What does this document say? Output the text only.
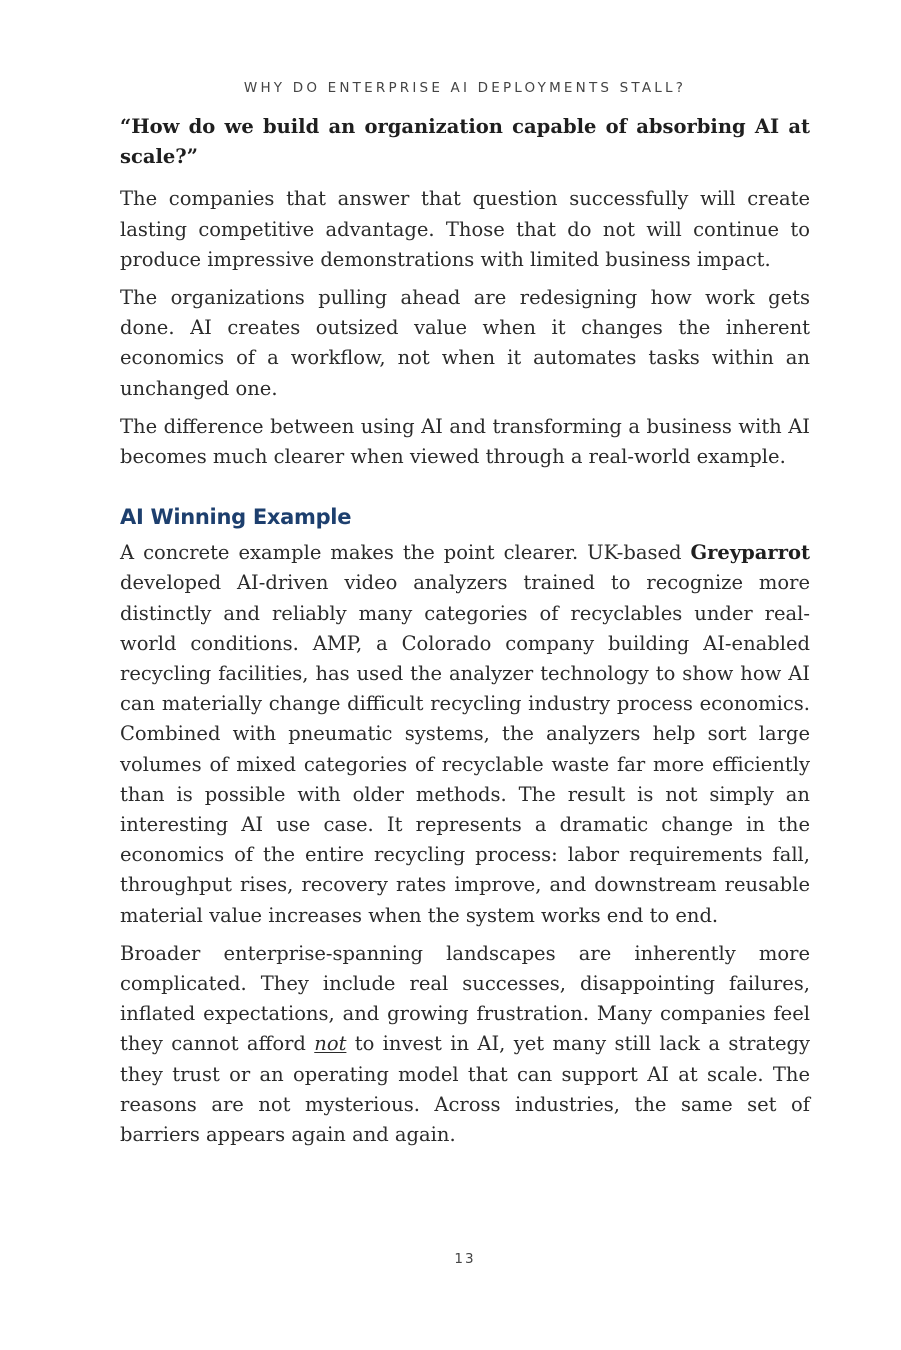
WHY DO ENTERPRISE AI DEPLOYMENTS STALL?

“How do we build an organization capable of absorbing AI at scale?”

The companies that answer that question successfully will create lasting competitive advantage. Those that do not will continue to produce impressive demonstrations with limited business impact.

The organizations pulling ahead are redesigning how work gets done. AI creates outsized value when it changes the inherent economics of a workflow, not when it automates tasks within an unchanged one.

The difference between using AI and transforming a business with AI becomes much clearer when viewed through a real-world example.

AI Winning Example

A concrete example makes the point clearer. UK-based Greyparrot developed AI-driven video analyzers trained to recognize more distinctly and reliably many categories of recyclables under real-world conditions. AMP, a Colorado company building AI-enabled recycling facilities, has used the analyzer technology to show how AI can materially change difficult recycling industry process economics. Combined with pneumatic systems, the analyzers help sort large volumes of mixed categories of recyclable waste far more efficiently than is possible with older methods. The result is not simply an interesting AI use case. It represents a dramatic change in the economics of the entire recycling process: labor requirements fall, throughput rises, recovery rates improve, and downstream reusable material value increases when the system works end to end.

Broader enterprise-spanning landscapes are inherently more complicated. They include real successes, disappointing failures, inflated expectations, and growing frustration. Many companies feel they cannot afford not to invest in AI, yet many still lack a strategy they trust or an operating model that can support AI at scale. The reasons are not mysterious. Across industries, the same set of barriers appears again and again.

13
